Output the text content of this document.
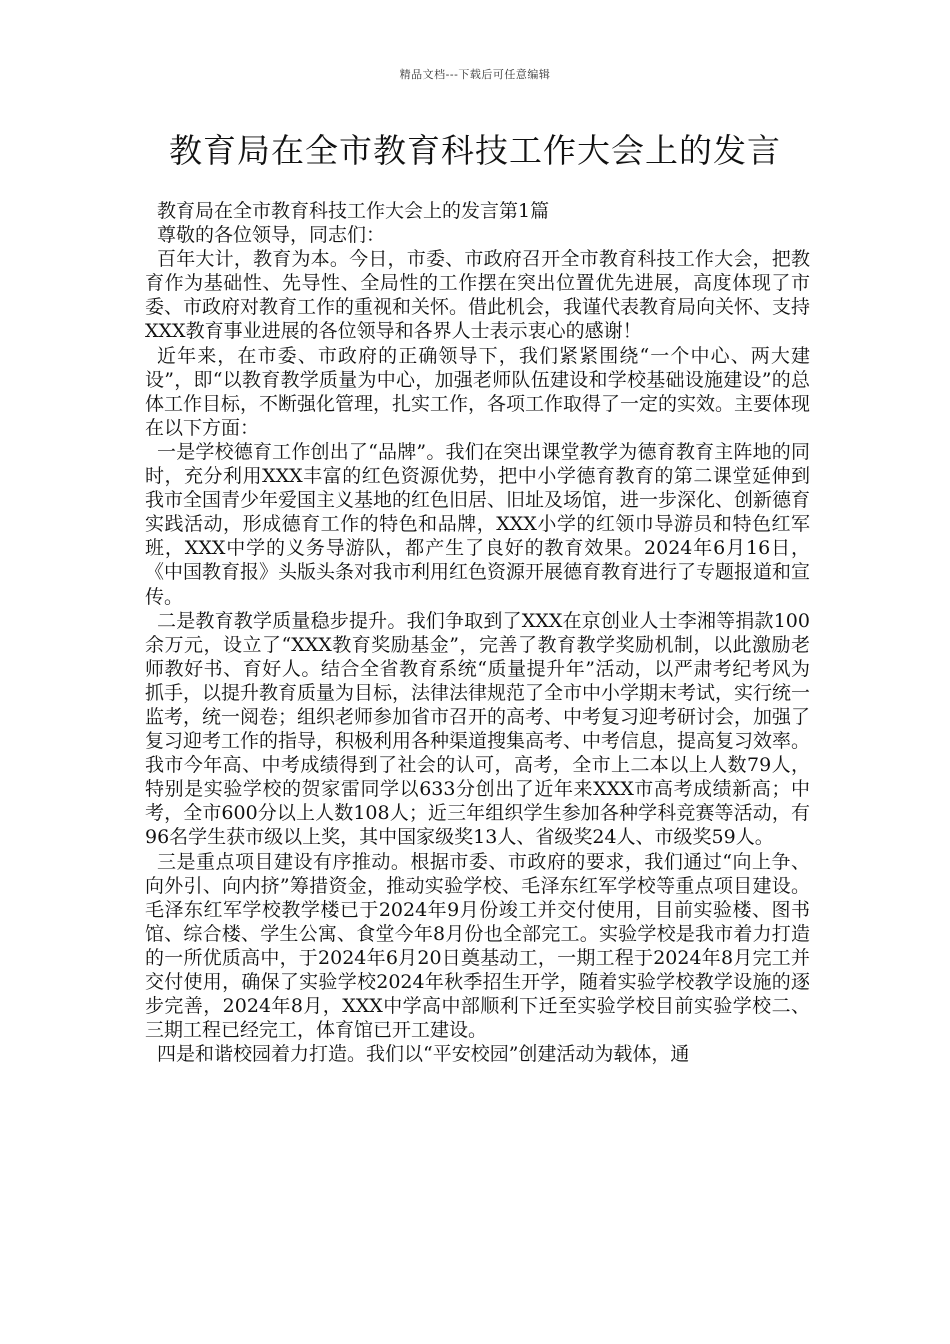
精品文档---下载后可任意编辑
教育局在全市教育科技工作大会上的发言

教育局在全市教育科技工作大会上的发言第1篇

尊敬的各位领导，同志们：

百年大计，教育为本。今日，市委、市政府召开全市教育科技工作大会，把教育作为基础性、先导性、全局性的工作摆在突出位置优先进展，高度体现了市委、市政府对教育工作的重视和关怀。借此机会，我谨代表教育局向关怀、支持XXX教育事业进展的各位领导和各界人士表示衷心的感谢！

近年来，在市委、市政府的正确领导下，我们紧紧围绕“一个中心、两大建设”，即“以教育教学质量为中心，加强老师队伍建设和学校基础设施建设”的总体工作目标，不断强化管理，扎实工作，各项工作取得了一定的实效。主要体现在以下方面：

一是学校德育工作创出了“品牌”。我们在突出课堂教学为德育教育主阵地的同时，充分利用XXX丰富的红色资源优势，把中小学德育教育的第二课堂延伸到我市全国青少年爱国主义基地的红色旧居、旧址及场馆，进一步深化、创新德育实践活动，形成德育工作的特色和品牌，XXX小学的红领巾导游员和特色红军班，XXX中学的义务导游队，都产生了良好的教育效果。2024年6月16日，《中国教育报》头版头条对我市利用红色资源开展德育教育进行了专题报道和宣传。

二是教育教学质量稳步提升。我们争取到了XXX在京创业人士李湘等捐款100余万元，设立了“XXX教育奖励基金”，完善了教育教学奖励机制，以此激励老师教好书、育好人。结合全省教育系统“质量提升年”活动，以严肃考纪考风为抓手，以提升教育质量为目标，法律法律规范了全市中小学期末考试，实行统一监考，统一阅卷；组织老师参加省市召开的高考、中考复习迎考研讨会，加强了复习迎考工作的指导，积极利用各种渠道搜集高考、中考信息，提高复习效率。我市今年高、中考成绩得到了社会的认可，高考，全市上二本以上人数79人，特别是实验学校的贺家雷同学以633分创出了近年来XXX市高考成绩新高；中考，全市600分以上人数108人；近三年组织学生参加各种学科竞赛等活动，有96名学生获市级以上奖，其中国家级奖13人、省级奖24人、市级奖59人。

三是重点项目建设有序推动。根据市委、市政府的要求，我们通过“向上争、向外引、向内挤”筹措资金，推动实验学校、毛泽东红军学校等重点项目建设。毛泽东红军学校教学楼已于2024年9月份竣工并交付使用，目前实验楼、图书馆、综合楼、学生公寓、食堂今年8月份也全部完工。实验学校是我市着力打造的一所优质高中，于2024年6月20日奠基动工，一期工程于2024年8月完工并交付使用，确保了实验学校2024年秋季招生开学，随着实验学校教学设施的逐步完善，2024年8月，XXX中学高中部顺利下迁至实验学校目前实验学校二、三期工程已经完工，体育馆已开工建设。

四是和谐校园着力打造。我们以“平安校园”创建活动为载体，通
